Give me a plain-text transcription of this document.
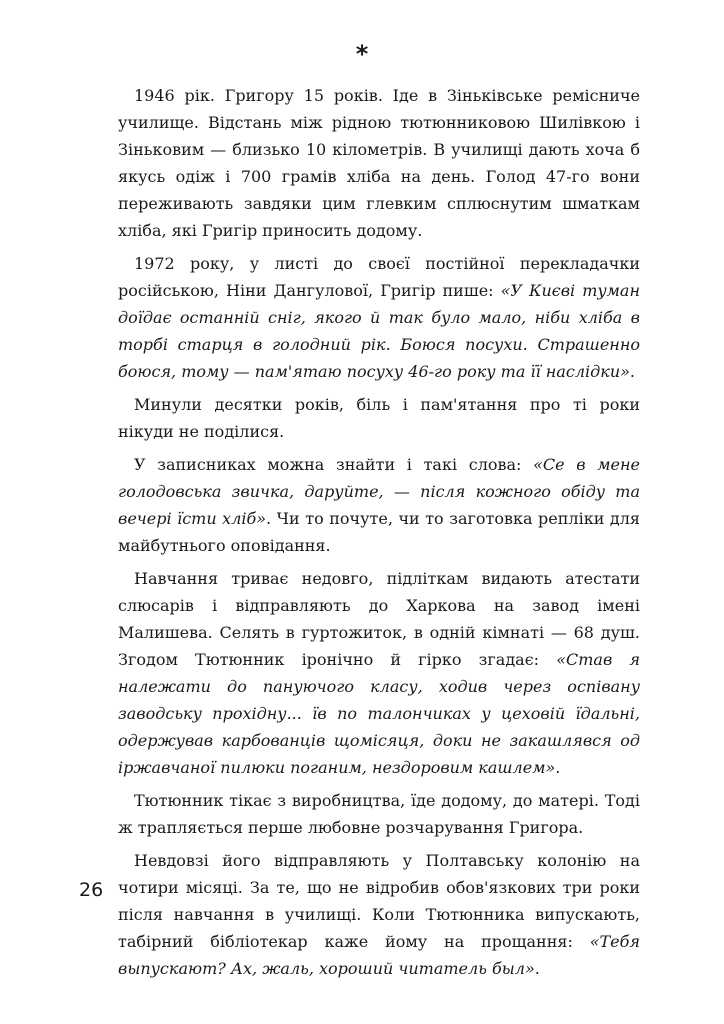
*

1946 рік. Григору 15 років. Іде в Зіньківське ремісниче училище. Відстань між рідною тютюнниковою Шилівкою і Зіньковим — близько 10 кілометрів. В училищі дають хоча б якусь одіж і 700 грамів хліба на день. Голод 47-го вони переживають завдяки цим глевким сплюснутим шматкам хліба, які Григір приносить додому.

1972 року, у листі до своєї постійної перекладачки російською, Ніни Дангулової, Григір пише: «У Києві туман доїдає останній сніг, якого й так було мало, ніби хліба в торбі старця в голодний рік. Боюся посухи. Страшенно боюся, тому — пам'ятаю посуху 46-го року та її наслідки».

Минули десятки років, біль і пам'ятання про ті роки нікуди не поділися.

У записниках можна знайти і такі слова: «Се в мене голодовська звичка, даруйте, — після кожного обіду та вечері їсти хліб». Чи то почуте, чи то заготовка репліки для майбутнього оповідання.

Навчання триває недовго, підліткам видають атестати слюсарів і відправляють до Харкова на завод імені Малишева. Селять в гуртожиток, в одній кімнаті — 68 душ. Згодом Тютюнник іронічно й гірко згадає: «Став я належати до пануючого класу, ходив через оспівану заводську прохідну... їв по талончиках у цеховій їдальні, одержував карбованців щомісяця, доки не закашлявся од іржавчаної пилюки поганим, нездоровим кашлем».

Тютюнник тікає з виробництва, їде додому, до матері. Тоді ж трапляється перше любовне розчарування Григора.

Невдовзі його відправляють у Полтавську колонію на чотири місяці. За те, що не відробив обов'язкових три роки після навчання в училищі. Коли Тютюнника випускають, табірний бібліотекар каже йому на прощання: «Тебя выпускают? Ах, жаль, хороший читатель был».

26
